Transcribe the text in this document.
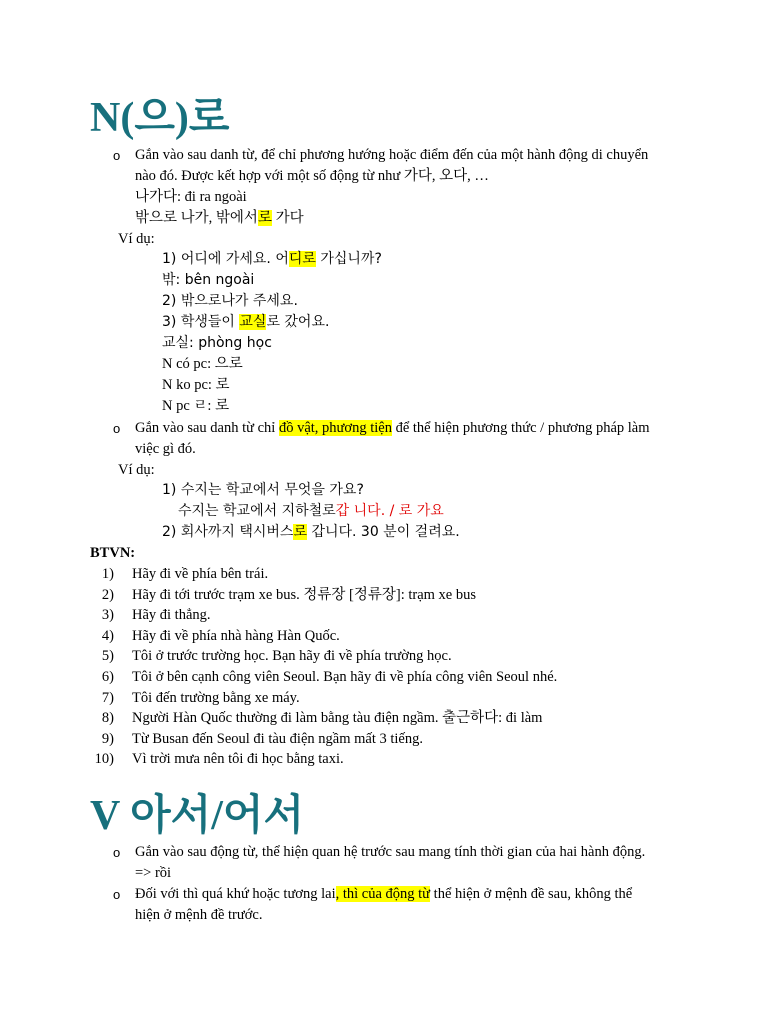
N(으)로
o Gắn vào sau danh từ, để chỉ phương hướng hoặc điểm đến của một hành động di chuyển
nào đó. Được kết hợp với một số động từ như 가다, 오다, …
나가다: đi ra ngoài
밖으로 나가, 밖에서로 가다
Ví dụ:
1) 어디에 가세요. 어디로 가십니까?
밖: bên ngoài
2) 밖으로나가 주세요.
3) 학생들이 교실로 갔어요.
교실: phòng học
N có pc: 으로
N ko pc: 로
N pc ㄹ: 로
o Gắn vào sau danh từ chỉ đồ vật, phương tiện để thể hiện phương thức / phương pháp làm
việc gì đó.
Ví dụ:
1) 수지는 학교에서 무엇을 가요?
수지는 학교에서 지하철로갑 니다. / 로 가요
2) 회사까지 택시버스로 갑니다. 30 분이 걸려요.
BTVN:
1) Hãy đi về phía bên trái.
2) Hãy đi tới trước trạm xe bus. 정류장 [정류장]: trạm xe bus
3) Hãy đi thẳng.
4) Hãy đi về phía nhà hàng Hàn Quốc.
5) Tôi ở trước trường học. Bạn hãy đi về phía trường học.
6) Tôi ở bên cạnh công viên Seoul. Bạn hãy đi về phía công viên Seoul nhé.
7) Tôi đến trường bằng xe máy.
8) Người Hàn Quốc thường đi làm bằng tàu điện ngầm. 출근하다: đi làm
9) Từ Busan đến Seoul đi tàu điện ngầm mất 3 tiếng.
10) Vì trời mưa nên tôi đi học bằng taxi.
V 아서/어서
o Gắn vào sau động từ, thể hiện quan hệ trước sau mang tính thời gian của hai hành động.
=> rồi
o Đối với thì quá khứ hoặc tương lai, thì của động từ thể hiện ở mệnh đề sau, không thể
hiện ở mệnh đề trước.
